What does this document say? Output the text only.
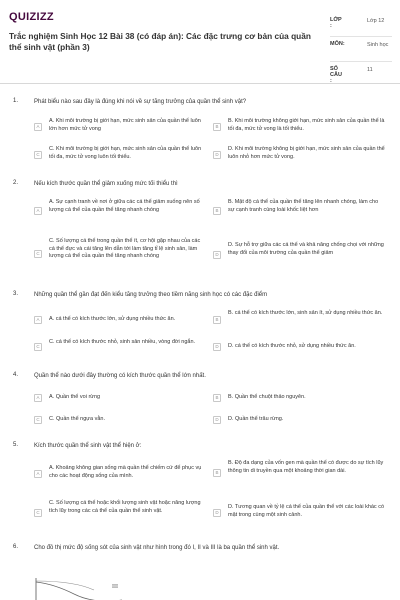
QUIZIZZ
Trắc nghiệm Sinh Học 12 Bài 38 (có đáp án): Các đặc trưng cơ bản của quần thể sinh vật (phần 3)
LỚP :
Lớp 12
MÔN:	Sinh học
SỐ CÂU :
11
1.	Phát biểu nào sau đây là đúng khi nói về sự tăng trưởng của quần thể sinh vật?
A
A. Khi môi trường bị giới hạn, mức sinh sản của quần thể luôn lớn hơn mức tử vong	B
B. Khi môi trường không giới hạn, mức sinh sản của quần thể là tối đa, mức tử vong là tối thiểu.
C
C. Khi môi trường bị giới hạn, mức sinh sản của quần thể luôn tối đa, mức tử vong luôn tối thiểu.	D
D. Khi môi trường không bị giới hạn, mức sinh sản của quần thể luôn nhỏ hơn mức tử vong.
2.	Nếu kích thước quần thể giảm xuống mức tối thiểu thì
A
A. Sự cạnh tranh về nơi ở giữa các cá thể giảm xuống nên số lượng cá thể của quần thể tăng nhanh chóng	B
B. Mật độ cá thể của quần thể tăng lên nhanh chóng, làm cho sự cạnh tranh cùng loài khốc liệt hơn
C
C. Số lượng cá thể trong quần thể ít, cơ hội gặp nhau của các cá thể đực và cái tăng lên dẫn tới làm tăng tỉ lệ sinh sản, làm lượng cá thể của quần thể tăng nhanh chóng	D
D. Sự hỗ trợ giữa các cá thể và khả năng chống chọi với những thay đổi của môi trường của quần thể giảm
3.	Những quần thể gần đạt đến kiểu tăng trưởng theo tiềm năng sinh học có các đặc điểm
A	A. cá thể có kích thước lớn, sử dụng nhiều thức ăn.	B
B. cá thể có kích thước lớn, sinh sản ít, sử dụng nhiều thức ăn.
C
C. cá thể có kích thước nhỏ, sinh sản nhiều, vòng đời ngắn.
D	D. cá thể có kích thước nhỏ, sử dụng nhiều thức ăn.
4.	Quần thể nào dưới đây thường có kích thước quần thể lớn nhất.
A	A. Quần thể voi rừng	B	B. Quần thể chuột thảo nguyên.
C	C. Quần thể ngựa vằn.	D	D. Quần thể trâu rừng.
5.	Kích thước quần thể sinh vật thể hiện ở:
A
A. Khoảng không gian sống mà quần thể chiếm cứ để phục vụ cho các hoạt động sống của mình.	B
B. Độ đa dạng của vốn gen mà quần thể có được do sự tích lũy thông tin di truyền qua một khoảng thời gian dài.
C
C. Số lượng cá thể hoặc khối lượng sinh vật hoặc năng lượng tích lũy trong các cá thể của quần thể sinh vật.	D
D. Tương quan về tỷ lệ cá thể của quần thể với các loài khác có mặt trong cùng một sinh cảnh.
6.	Cho đồ thị mức độ sống sót của sinh vật như hình trong đó I, II và III là ba quần thể sinh vật.
III
